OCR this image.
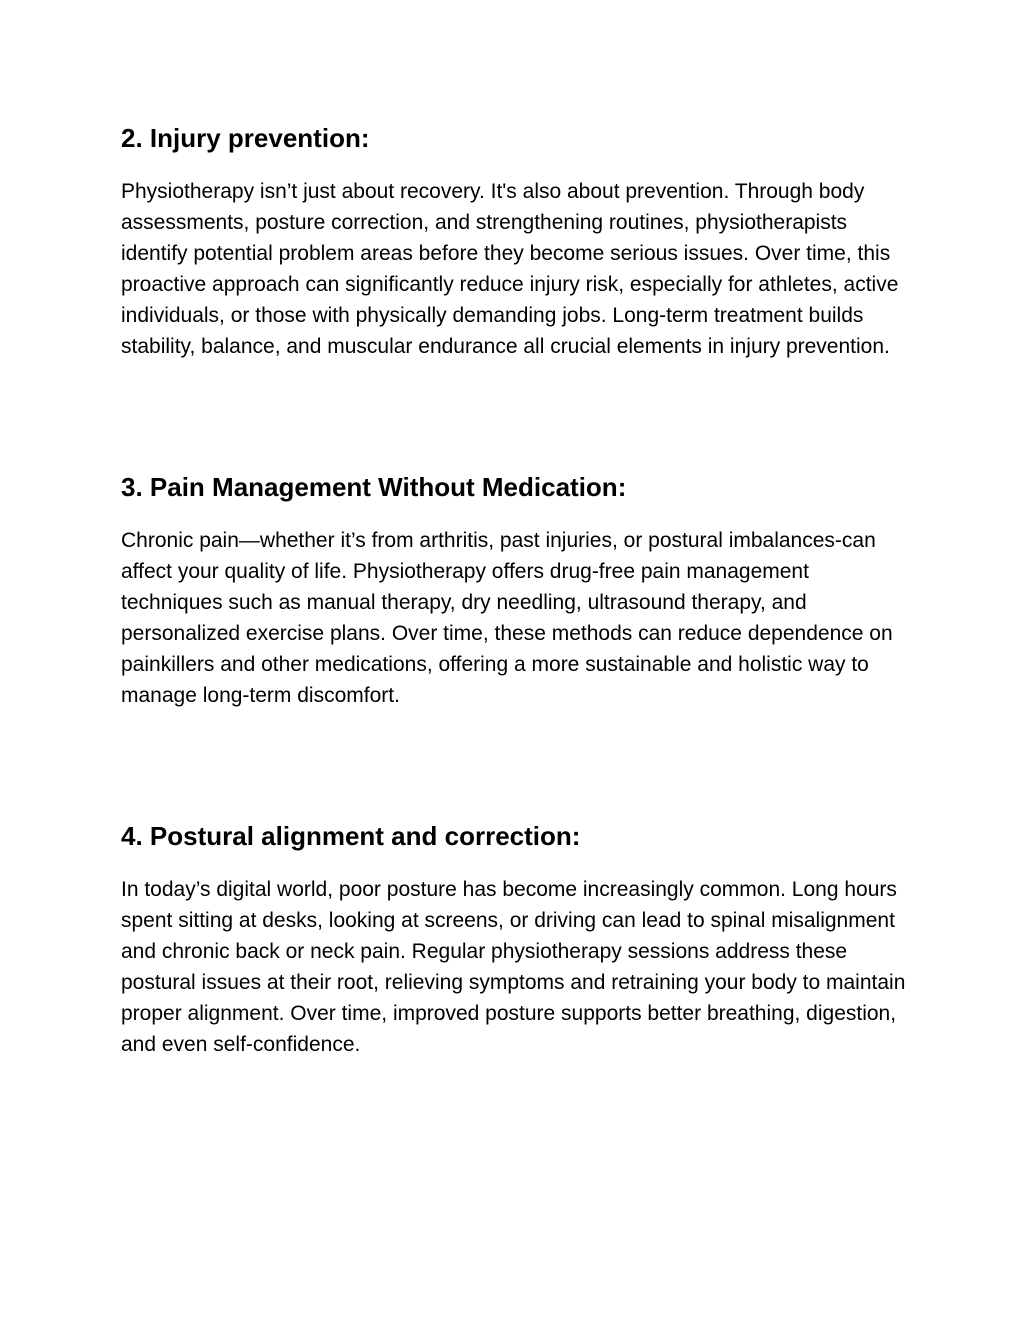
2. Injury prevention:

Physiotherapy isn’t just about recovery. It's also about prevention. Through body assessments, posture correction, and strengthening routines, physiotherapists identify potential problem areas before they become serious issues. Over time, this proactive approach can significantly reduce injury risk, especially for athletes, active individuals, or those with physically demanding jobs. Long-term treatment builds stability, balance, and muscular endurance all crucial elements in injury prevention.

3. Pain Management Without Medication:

Chronic pain—whether it’s from arthritis, past injuries, or postural imbalances-can affect your quality of life. Physiotherapy offers drug-free pain management techniques such as manual therapy, dry needling, ultrasound therapy, and personalized exercise plans. Over time, these methods can reduce dependence on painkillers and other medications, offering a more sustainable and holistic way to manage long-term discomfort.

4. Postural alignment and correction:

In today’s digital world, poor posture has become increasingly common. Long hours spent sitting at desks, looking at screens, or driving can lead to spinal misalignment and chronic back or neck pain. Regular physiotherapy sessions address these postural issues at their root, relieving symptoms and retraining your body to maintain proper alignment. Over time, improved posture supports better breathing, digestion, and even self-confidence.
